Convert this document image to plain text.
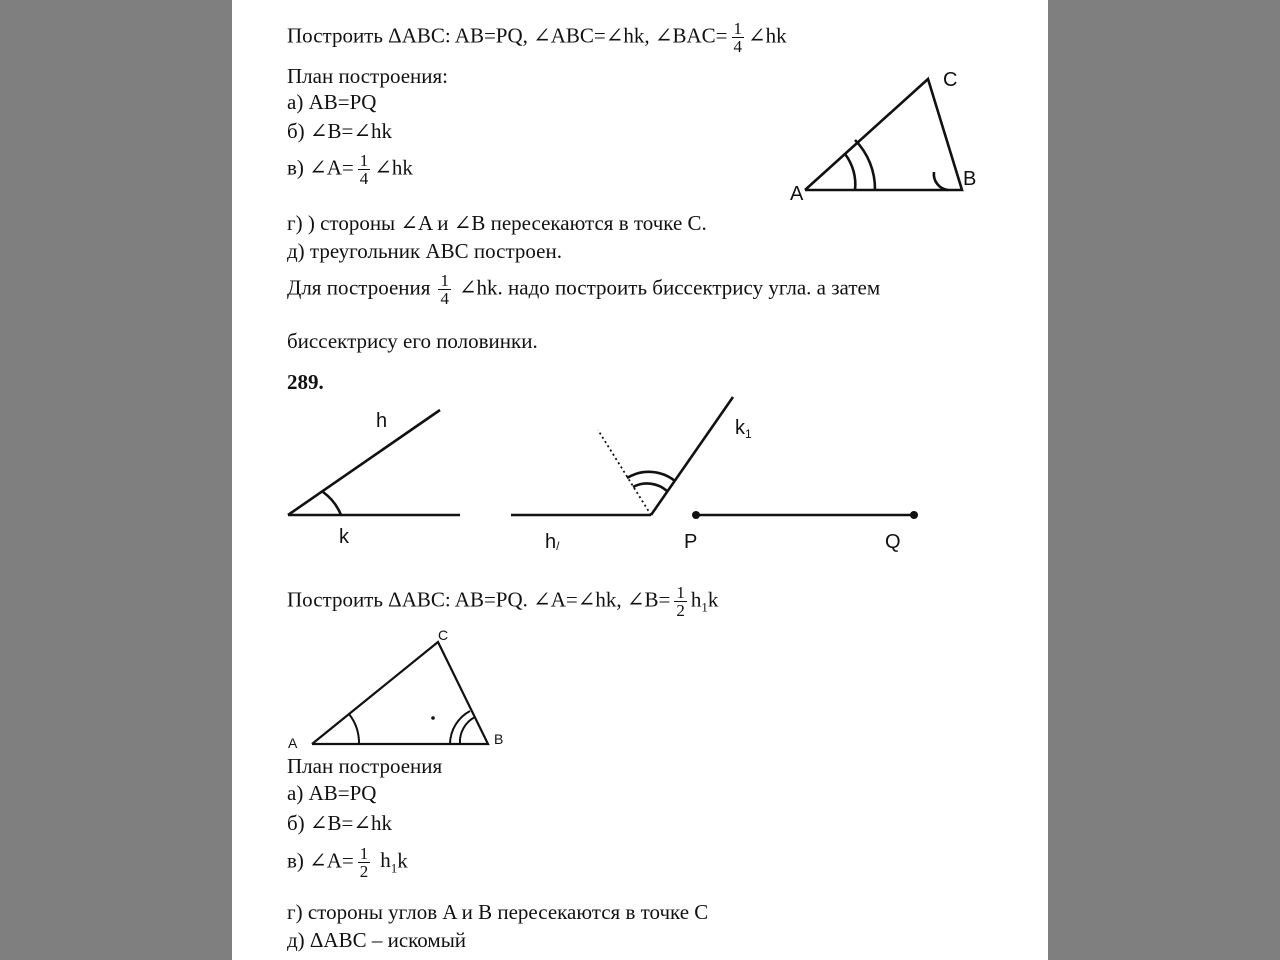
Построить ΔABC: AB=PQ, ∠ABC=∠hk, ∠BAC= $\frac{1}{4}$ ∠hk
План построения:
а) AB=PQ
б) ∠B=∠hk
в) ∠A= $\frac{1}{4}$ ∠hk
г) ) стороны ∠A и ∠B пересекаются в точке C.
д) треугольник ABC построен.
Для построения $\frac{1}{4}$ ∠hk. надо построить биссектрису угла. а затем
биссектрису его половинки.
289.
Построить ΔABC: AB=PQ. ∠A=∠hk, ∠B= $\frac{1}{2} h_1k$
План построения
а) AB=PQ
б) ∠B=∠hk
в) ∠A= $\frac{1}{2} h_1k$
г) стороны углов A и B пересекаются в точке C
д) ΔABC – искомый
A
B
C
h
k	h/
$k_1$
P	Q
A	B
C
